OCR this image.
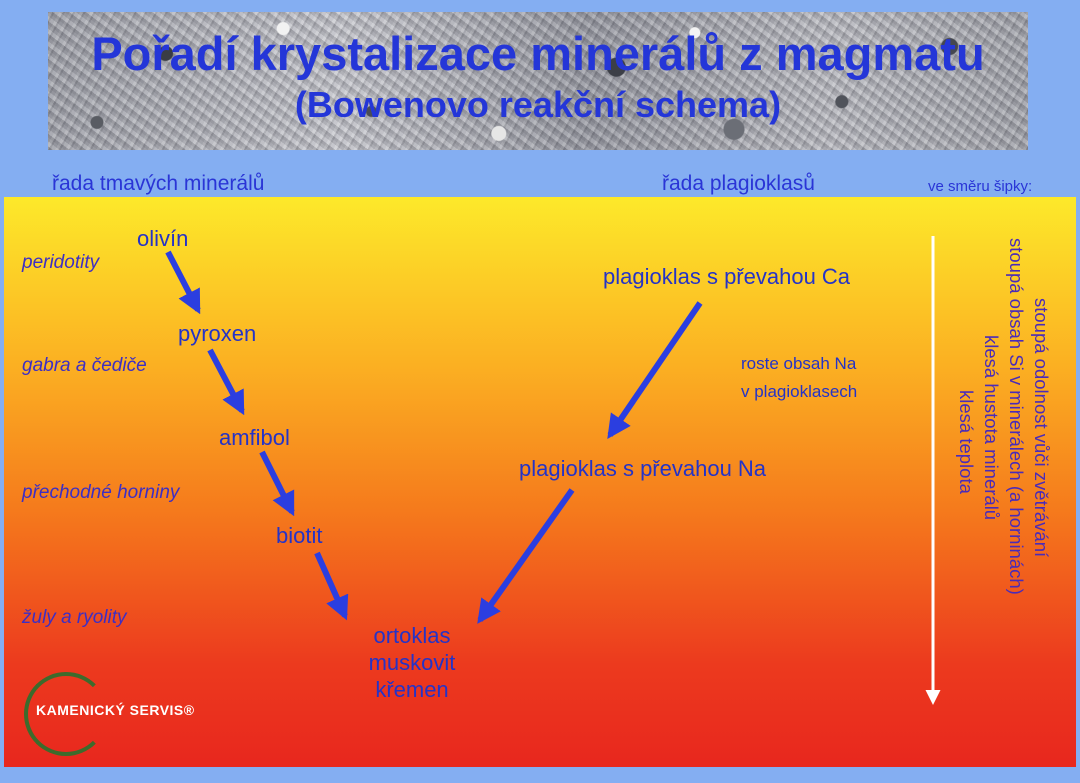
Pořadí krystalizace minerálů z magmatu
(Bowenovo reakční schema)
řada tmavých minerálů	řada plagioklasů	ve směru šipky:
olivín
pyroxen
amfibol
biotit
ortoklas
muskovit
křemen
plagioklas s převahou Ca
plagioklas s převahou Na
roste obsah Na
v plagioklasech
peridotity
gabra a čediče
přechodné horniny
žuly a ryolity
stoupá odolnost vůči zvětrávání
stoupá obsah Si v minerálech (a horninách)
klesá hustota minerálů
klesá teplota
KAMENICKÝ SERVIS®
